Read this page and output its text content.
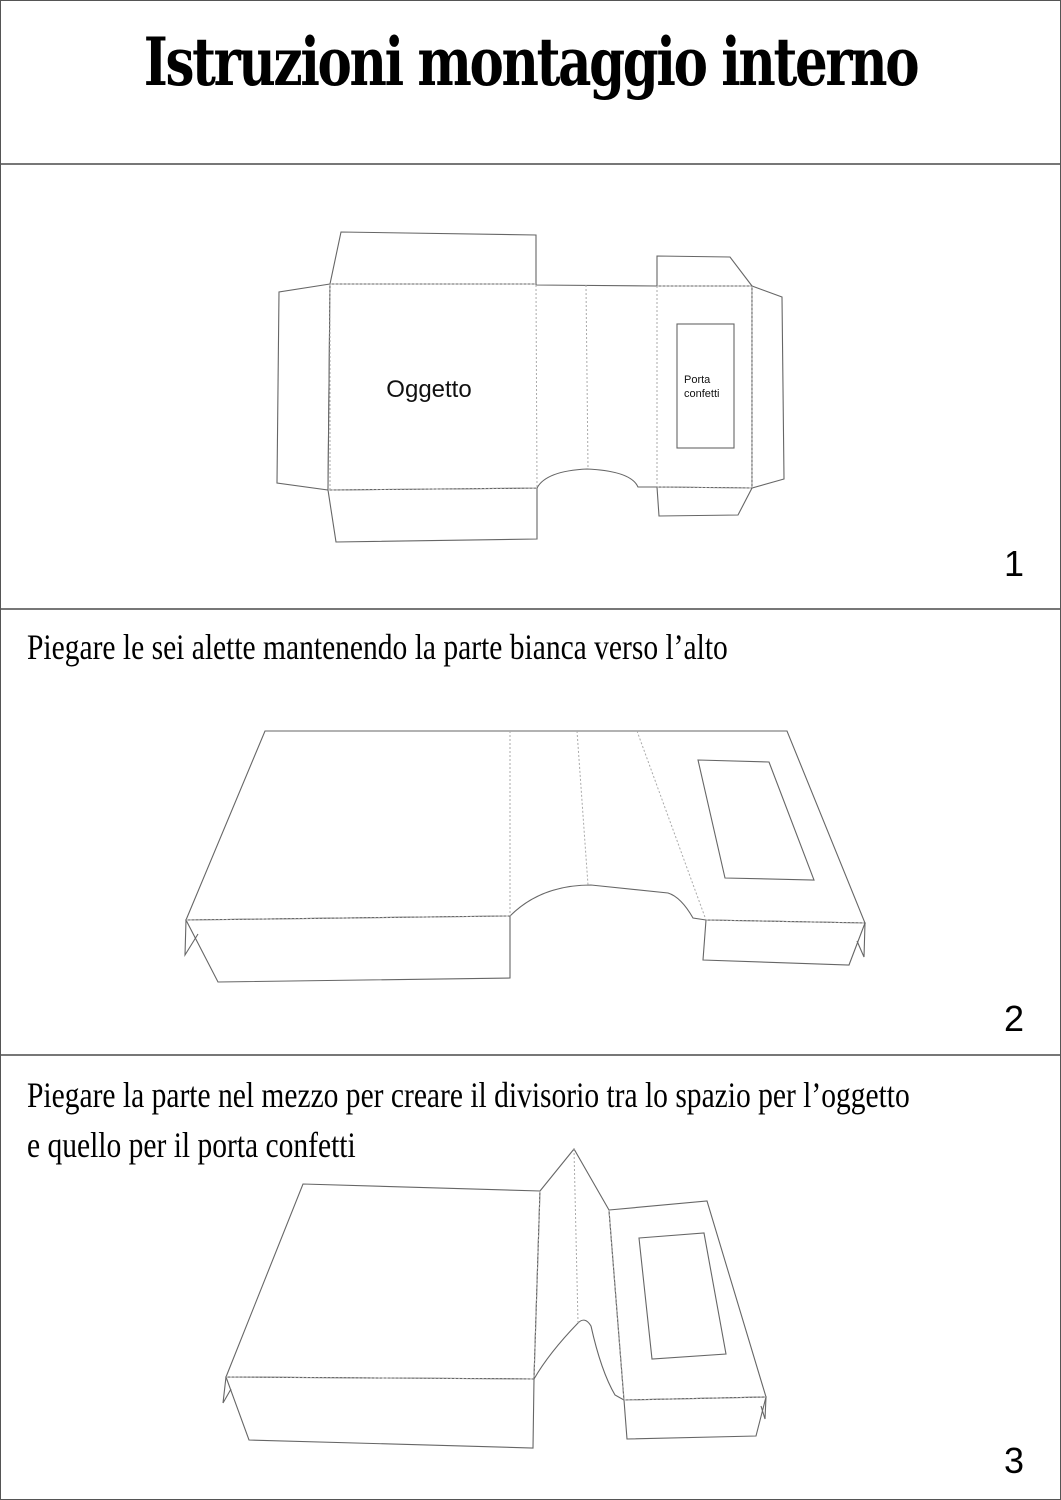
Istruzioni montaggio interno
Oggetto	Porta
confetti
1
Piegare le sei alette mantenendo la parte bianca verso l’alto
2
Piegare la parte nel mezzo per creare il divisorio tra lo spazio per l’oggetto
e quello per il porta confetti
3
